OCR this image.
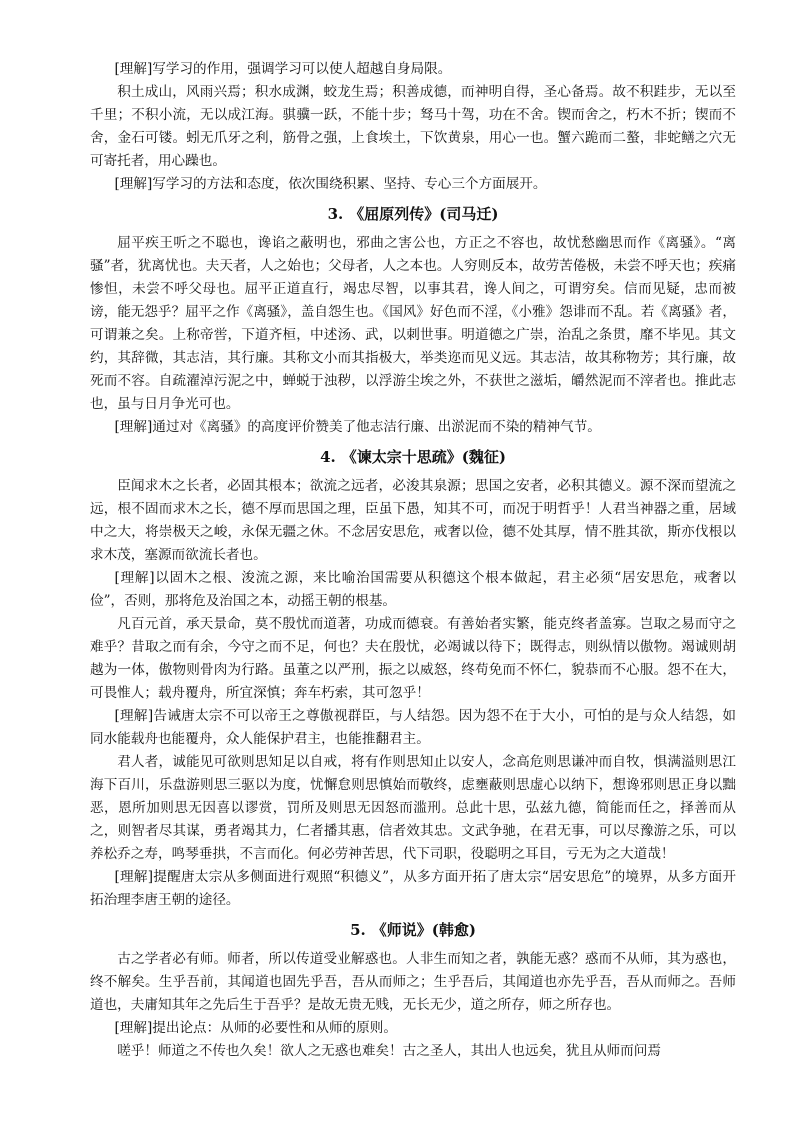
[理解]写学习的作用，强调学习可以使人超越自身局限。

积土成山，风雨兴焉；积水成渊，蛟龙生焉；积善成德，而神明自得，圣心备焉。故不积跬步，无以至千里；不积小流，无以成江海。骐骥一跃，不能十步；驽马十驾，功在不舍。锲而舍之，朽木不折；锲而不舍，金石可镂。蚓无爪牙之利，筋骨之强，上食埃土，下饮黄泉，用心一也。蟹六跪而二螯，非蛇鳝之穴无可寄托者，用心躁也。

[理解]写学习的方法和态度，依次围绕积累、坚持、专心三个方面展开。

3. 《屈原列传》(司马迁)

屈平疾王听之不聪也，谗谄之蔽明也，邪曲之害公也，方正之不容也，故忧愁幽思而作《离骚》。“离骚”者，犹离忧也。夫天者，人之始也；父母者，人之本也。人穷则反本，故劳苦倦极，未尝不呼天也；疾痛惨怛，未尝不呼父母也。屈平正道直行，竭忠尽智，以事其君，谗人间之，可谓穷矣。信而见疑，忠而被谤，能无怨乎？屈平之作《离骚》，盖自怨生也。《国风》好色而不淫，《小雅》怨诽而不乱。若《离骚》者，可谓兼之矣。上称帝喾，下道齐桓，中述汤、武，以刺世事。明道德之广崇，治乱之条贯，靡不毕见。其文约，其辞微，其志洁，其行廉。其称文小而其指极大，举类迩而见义远。其志洁，故其称物芳；其行廉，故死而不容。自疏濯淖污泥之中，蝉蜕于浊秽，以浮游尘埃之外，不获世之滋垢，皭然泥而不滓者也。推此志也，虽与日月争光可也。

[理解]通过对《离骚》的高度评价赞美了他志洁行廉、出淤泥而不染的精神气节。

4. 《谏太宗十思疏》(魏征)

臣闻求木之长者，必固其根本；欲流之远者，必浚其泉源；思国之安者，必积其德义。源不深而望流之远，根不固而求木之长，德不厚而思国之理，臣虽下愚，知其不可，而况于明哲乎！人君当神器之重，居域中之大，将崇极天之峻，永保无疆之休。不念居安思危，戒奢以俭，德不处其厚，情不胜其欲，斯亦伐根以求木茂，塞源而欲流长者也。

[理解]以固木之根、浚流之源，来比喻治国需要从积德这个根本做起，君主必须“居安思危，戒奢以俭”，否则，那将危及治国之本，动摇王朝的根基。

凡百元首，承天景命，莫不殷忧而道著，功成而德衰。有善始者实繁，能克终者盖寡。岂取之易而守之难乎？昔取之而有余，今守之而不足，何也？夫在殷忧，必竭诚以待下；既得志，则纵情以傲物。竭诚则胡越为一体，傲物则骨肉为行路。虽董之以严刑，振之以威怒，终苟免而不怀仁，貌恭而不心服。怨不在大，可畏惟人；载舟覆舟，所宜深慎；奔车朽索，其可忽乎！

[理解]告诫唐太宗不可以帝王之尊傲视群臣，与人结怨。因为怨不在于大小，可怕的是与众人结怨，如同水能载舟也能覆舟，众人能保护君主，也能推翻君主。

君人者，诚能见可欲则思知足以自戒，将有作则思知止以安人，念高危则思谦冲而自牧，惧满溢则思江海下百川，乐盘游则思三驱以为度，忧懈怠则思慎始而敬终，虑壅蔽则思虚心以纳下，想谗邪则思正身以黜恶，恩所加则思无因喜以谬赏，罚所及则思无因怒而滥刑。总此十思，弘兹九德，简能而任之，择善而从之，则智者尽其谋，勇者竭其力，仁者播其惠，信者效其忠。文武争驰，在君无事，可以尽豫游之乐，可以养松乔之寿，鸣琴垂拱，不言而化。何必劳神苦思，代下司职，役聪明之耳目，亏无为之大道哉！

[理解]提醒唐太宗从多侧面进行观照“积德义”，从多方面开拓了唐太宗“居安思危”的境界，从多方面开拓治理李唐王朝的途径。

5. 《师说》(韩愈)

古之学者必有师。师者，所以传道受业解惑也。人非生而知之者，孰能无惑？惑而不从师，其为惑也，终不解矣。生乎吾前，其闻道也固先乎吾，吾从而师之；生乎吾后，其闻道也亦先乎吾，吾从而师之。吾师道也，夫庸知其年之先后生于吾乎？是故无贵无贱，无长无少，道之所存，师之所存也。

[理解]提出论点：从师的必要性和从师的原则。

嗟乎！师道之不传也久矣！欲人之无惑也难矣！古之圣人，其出人也远矣，犹且从师而问焉
